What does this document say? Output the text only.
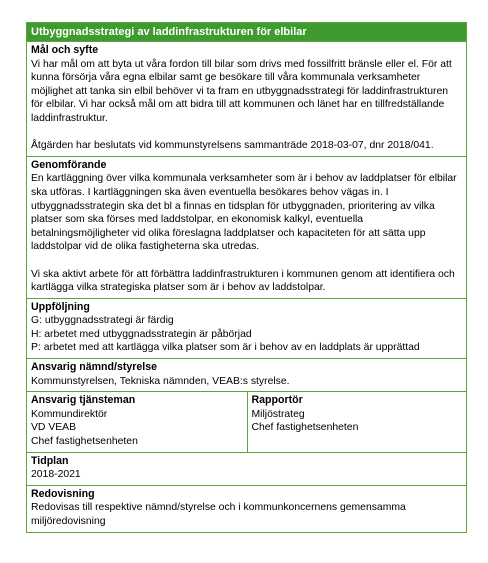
Utbyggnadsstrategi av laddinfrastrukturen för elbilar
Mål och syfte

Vi har mål om att byta ut våra fordon till bilar som drivs med fossilfritt bränsle eller el. För att kunna försörja våra egna elbilar samt ge besökare till våra kommunala verksamheter möjlighet att tanka sin elbil behöver vi ta fram en utbyggnadsstrategi för laddinfrastrukturen för elbilar. Vi har också mål om att bidra till att kommunen och länet har en tillfredställande laddinfrastruktur.

Åtgärden har beslutats vid kommunstyrelsens sammanträde 2018-03-07, dnr 2018/041.

Genomförande

En kartläggning över vilka kommunala verksamheter som är i behov av laddplatser för elbilar ska utföras. I kartläggningen ska även eventuella besökares behov vägas in. I utbyggnadsstrategin ska det bl a finnas en tidsplan för utbyggnaden, prioritering av vilka platser som ska förses med laddstolpar, en ekonomisk kalkyl, eventuella betalningsmöjligheter vid olika föreslagna laddplatser och kapaciteten för att sätta upp laddstolpar vid de olika fastigheterna ska utredas.

Vi ska aktivt arbete för att förbättra laddinfrastrukturen i kommunen genom att identifiera och kartlägga vilka strategiska platser som är i behov av laddstolpar.

Uppföljning
G: utbyggnadsstrategi är färdig
H: arbetet med utbyggnadsstrategin är påbörjad
P: arbetet med att kartlägga vilka platser som är i behov av en laddplats är upprättad
Ansvarig nämnd/styrelse
Kommunstyrelsen, Tekniska nämnden, VEAB:s styrelse.
Ansvarig tjänsteman
Kommundirektör
VD VEAB
Chef fastighetsenheten
Rapportör
Miljöstrateg
Chef fastighetsenheten
Tidplan
2018-2021
Redovisning
Redovisas till respektive nämnd/styrelse och i kommunkoncernens gemensamma miljöredovisning
